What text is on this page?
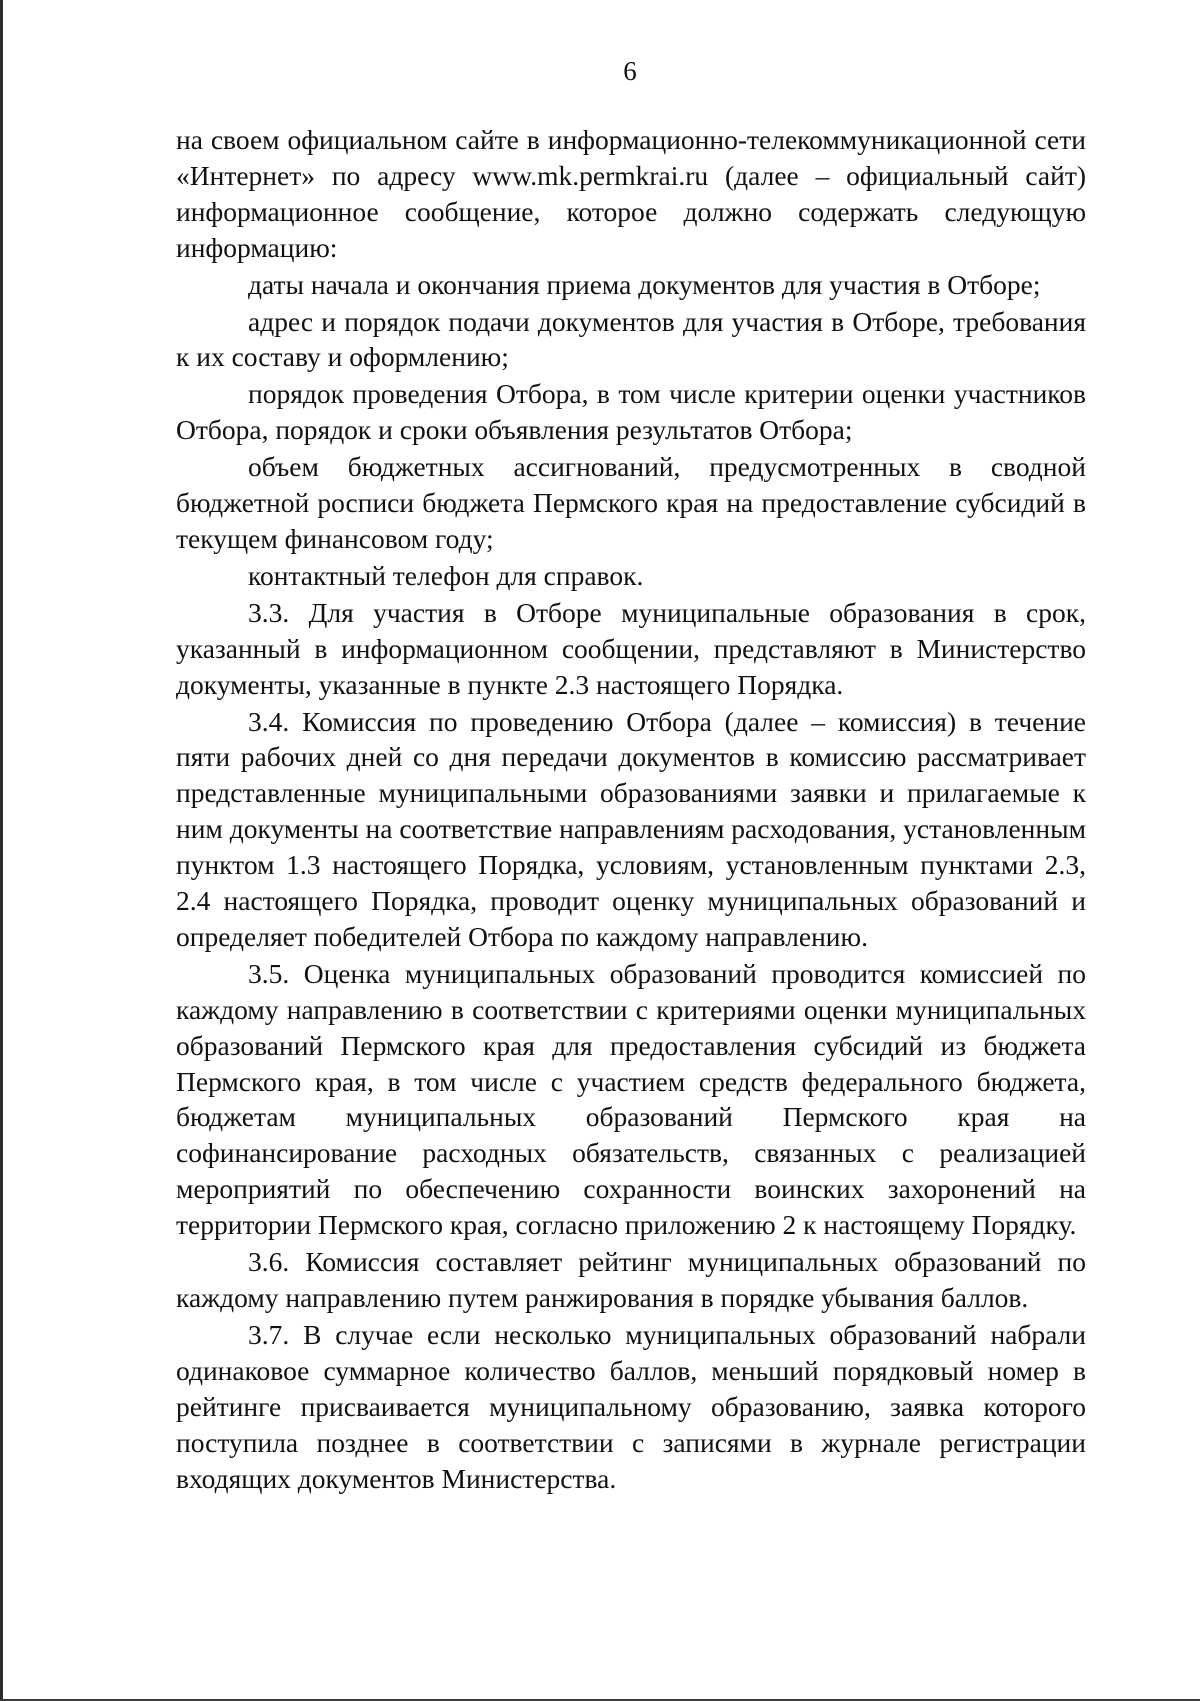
6

на своем официальном сайте в информационно-телекоммуникационной сети «Интернет» по адресу www.mk.permkrai.ru (далее – официальный сайт) информационное сообщение, которое должно содержать следующую информацию:

даты начала и окончания приема документов для участия в Отборе;

адрес и порядок подачи документов для участия в Отборе, требования к их составу и оформлению;

порядок проведения Отбора, в том числе критерии оценки участников Отбора, порядок и сроки объявления результатов Отбора;

объем бюджетных ассигнований, предусмотренных в сводной бюджетной росписи бюджета Пермского края на предоставление субсидий в текущем финансовом году;

контактный телефон для справок.

3.3. Для участия в Отборе муниципальные образования в срок, указанный в информационном сообщении, представляют в Министерство документы, указанные в пункте 2.3 настоящего Порядка.

3.4. Комиссия по проведению Отбора (далее – комиссия) в течение пяти рабочих дней со дня передачи документов в комиссию рассматривает представленные муниципальными образованиями заявки и прилагаемые к ним документы на соответствие направлениям расходования, установленным пунктом 1.3 настоящего Порядка, условиям, установленным пунктами 2.3, 2.4 настоящего Порядка, проводит оценку муниципальных образований и определяет победителей Отбора по каждому направлению.

3.5. Оценка муниципальных образований проводится комиссией по каждому направлению в соответствии с критериями оценки муниципальных образований Пермского края для предоставления субсидий из бюджета Пермского края, в том числе с участием средств федерального бюджета, бюджетам муниципальных образований Пермского края на софинансирование расходных обязательств, связанных с реализацией мероприятий по обеспечению сохранности воинских захоронений на территории Пермского края, согласно приложению 2 к настоящему Порядку.

3.6. Комиссия составляет рейтинг муниципальных образований по каждому направлению путем ранжирования в порядке убывания баллов.

3.7. В случае если несколько муниципальных образований набрали одинаковое суммарное количество баллов, меньший порядковый номер в рейтинге присваивается муниципальному образованию, заявка которого поступила позднее в соответствии с записями в журнале регистрации входящих документов Министерства.
